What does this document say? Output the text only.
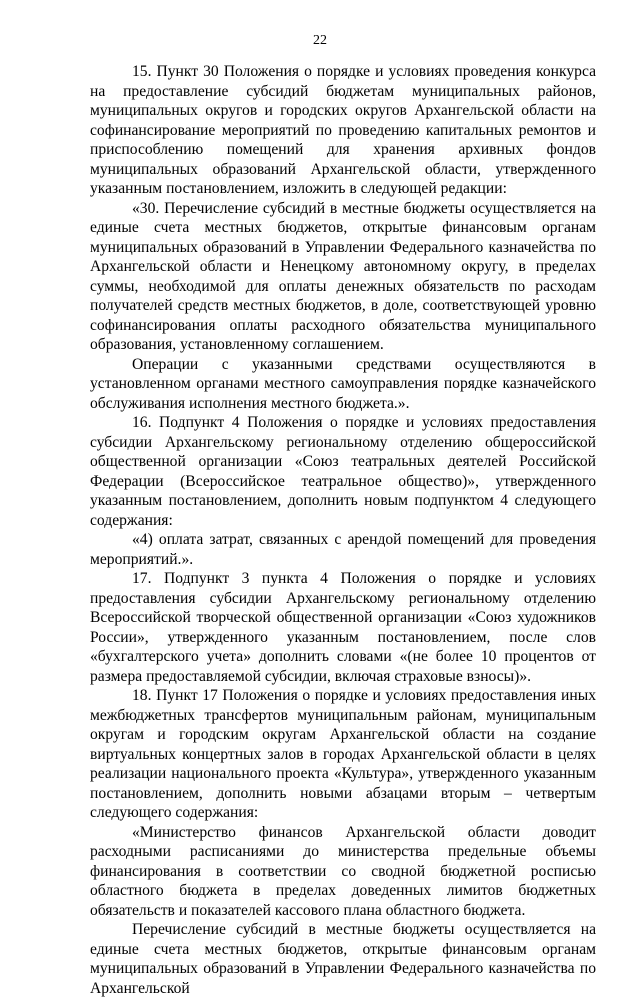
22

15. Пункт 30 Положения о порядке и условиях проведения конкурса на предоставление субсидий бюджетам муниципальных районов, муниципальных округов и городских округов Архангельской области на софинансирование мероприятий по проведению капитальных ремонтов и приспособлению помещений для хранения архивных фондов муниципальных образований Архангельской области, утвержденного указанным постановлением, изложить в следующей редакции:

«30. Перечисление субсидий в местные бюджеты осуществляется на единые счета местных бюджетов, открытые финансовым органам муниципальных образований в Управлении Федерального казначейства по Архангельской области и Ненецкому автономному округу, в пределах суммы, необходимой для оплаты денежных обязательств по расходам получателей средств местных бюджетов, в доле, соответствующей уровню софинансирования оплаты расходного обязательства муниципального образования, установленному соглашением.

Операции с указанными средствами осуществляются в установленном органами местного самоуправления порядке казначейского обслуживания исполнения местного бюджета.».

16. Подпункт 4 Положения о порядке и условиях предоставления субсидии Архангельскому региональному отделению общероссийской общественной организации «Союз театральных деятелей Российской Федерации (Всероссийское театральное общество)», утвержденного указанным постановлением, дополнить новым подпунктом 4 следующего содержания:

«4) оплата затрат, связанных с арендой помещений для проведения мероприятий.».

17. Подпункт 3 пункта 4 Положения о порядке и условиях предоставления субсидии Архангельскому региональному отделению Всероссийской творческой общественной организации «Союз художников России», утвержденного указанным постановлением, после слов «бухгалтерского учета» дополнить словами «(не более 10 процентов от размера предоставляемой субсидии, включая страховые взносы)».

18. Пункт 17 Положения о порядке и условиях предоставления иных межбюджетных трансфертов муниципальным районам, муниципальным округам и городским округам Архангельской области на создание виртуальных концертных залов в городах Архангельской области в целях реализации национального проекта «Культура», утвержденного указанным постановлением, дополнить новыми абзацами вторым – четвертым следующего содержания:

«Министерство финансов Архангельской области доводит расходными расписаниями до министерства предельные объемы финансирования в соответствии со сводной бюджетной росписью областного бюджета в пределах доведенных лимитов бюджетных обязательств и показателей кассового плана областного бюджета.

Перечисление субсидий в местные бюджеты осуществляется на единые счета местных бюджетов, открытые финансовым органам муниципальных образований в Управлении Федерального казначейства по Архангельской
